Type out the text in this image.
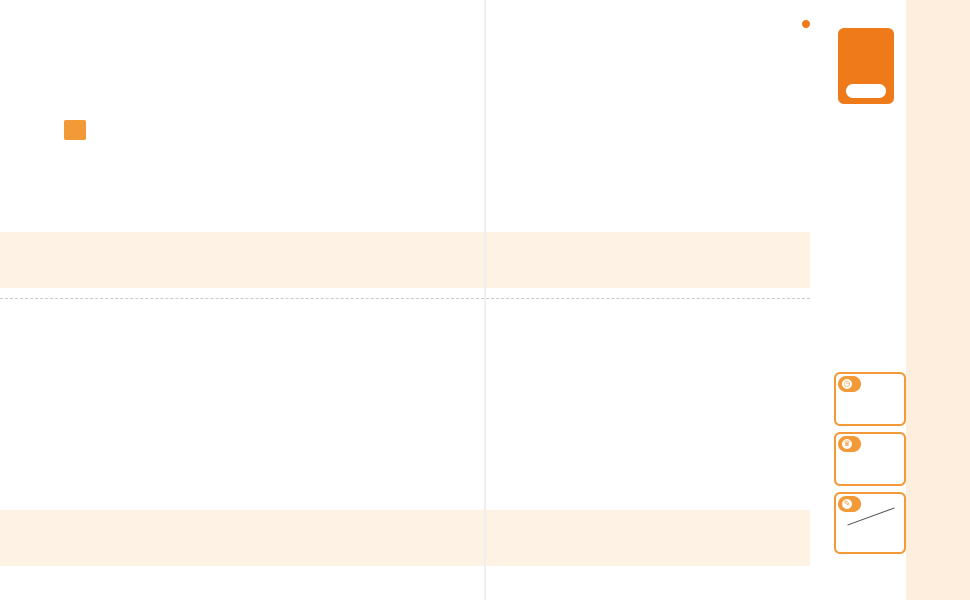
◷
♛
✎
